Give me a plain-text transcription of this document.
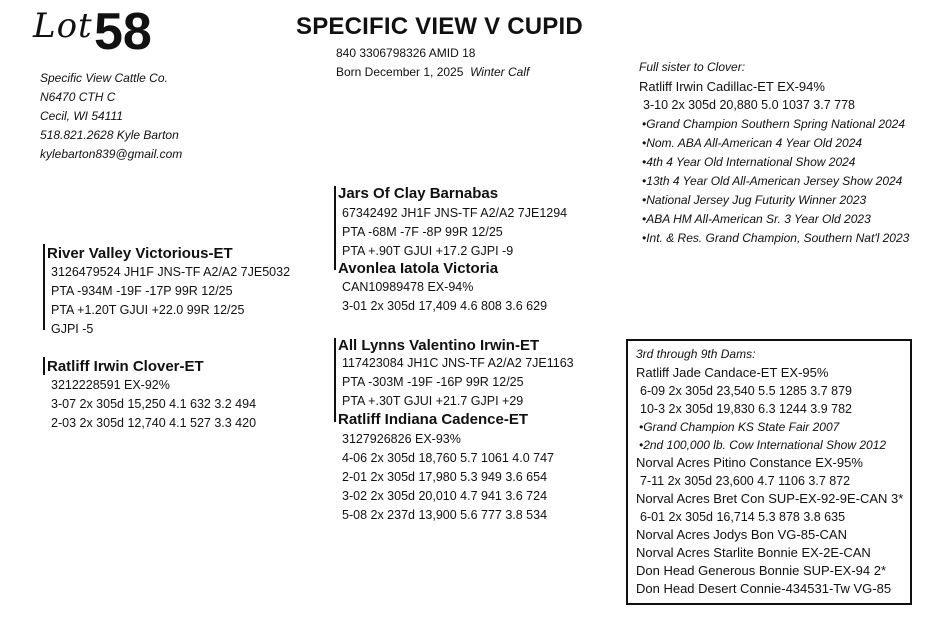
Lot 58	SPECIFIC VIEW V CUPID
840 3306798326 AMID 18
Born December 1, 2025 Winter Calf
Specific View Cattle Co.
N6470 CTH C
Cecil, WI 54111
518.821.2628 Kyle Barton
kylebarton839@gmail.com
Full sister to Clover:
Ratliff Irwin Cadillac-ET EX-94%
3-10 2x 305d 20,880 5.0 1037 3.7 778
•Grand Champion Southern Spring National 2024
•Nom. ABA All-American 4 Year Old 2024
•4th 4 Year Old International Show 2024
•13th 4 Year Old All-American Jersey Show 2024
•National Jersey Jug Futurity Winner 2023
•ABA HM All-American Sr. 3 Year Old 2023
•Int. & Res. Grand Champion, Southern Nat'l 2023
Jars Of Clay Barnabas
67342492 JH1F JNS-TF A2/A2 7JE1294
PTA -68M -7F -8P 99R 12/25
PTA +.90T GJUI +17.2 GJPI -9
Avonlea Iatola Victoria
CAN10989478 EX-94%
3-01 2x 305d 17,409 4.6 808 3.6 629
River Valley Victorious-ET
3126479524 JH1F JNS-TF A2/A2 7JE5032
PTA -934M -19F -17P 99R 12/25
PTA +1.20T GJUI +22.0 99R 12/25
GJPI -5
Ratliff Irwin Clover-ET
3212228591 EX-92%
3-07 2x 305d 15,250 4.1 632 3.2 494
2-03 2x 305d 12,740 4.1 527 3.3 420
All Lynns Valentino Irwin-ET
117423084 JH1C JNS-TF A2/A2 7JE1163
PTA -303M -19F -16P 99R 12/25
PTA +.30T GJUI +21.7 GJPI +29
Ratliff Indiana Cadence-ET
3127926826 EX-93%
4-06 2x 305d 18,760 5.7 1061 4.0 747
2-01 2x 305d 17,980 5.3 949 3.6 654
3-02 2x 305d 20,010 4.7 941 3.6 724
5-08 2x 237d 13,900 5.6 777 3.8 534
3rd through 9th Dams:
Ratliff Jade Candace-ET EX-95%
6-09 2x 305d 23,540 5.5 1285 3.7 879
10-3 2x 305d 19,830 6.3 1244 3.9 782
•Grand Champion KS State Fair 2007
•2nd 100,000 lb. Cow International Show 2012
Norval Acres Pitino Constance EX-95%
7-11 2x 305d 23,600 4.7 1106 3.7 872
Norval Acres Bret Con SUP-EX-92-9E-CAN 3*
6-01 2x 305d 16,714 5.3 878 3.8 635
Norval Acres Jodys Bon VG-85-CAN
Norval Acres Starlite Bonnie EX-2E-CAN
Don Head Generous Bonnie SUP-EX-94 2*
Don Head Desert Connie-434531-Tw VG-85
